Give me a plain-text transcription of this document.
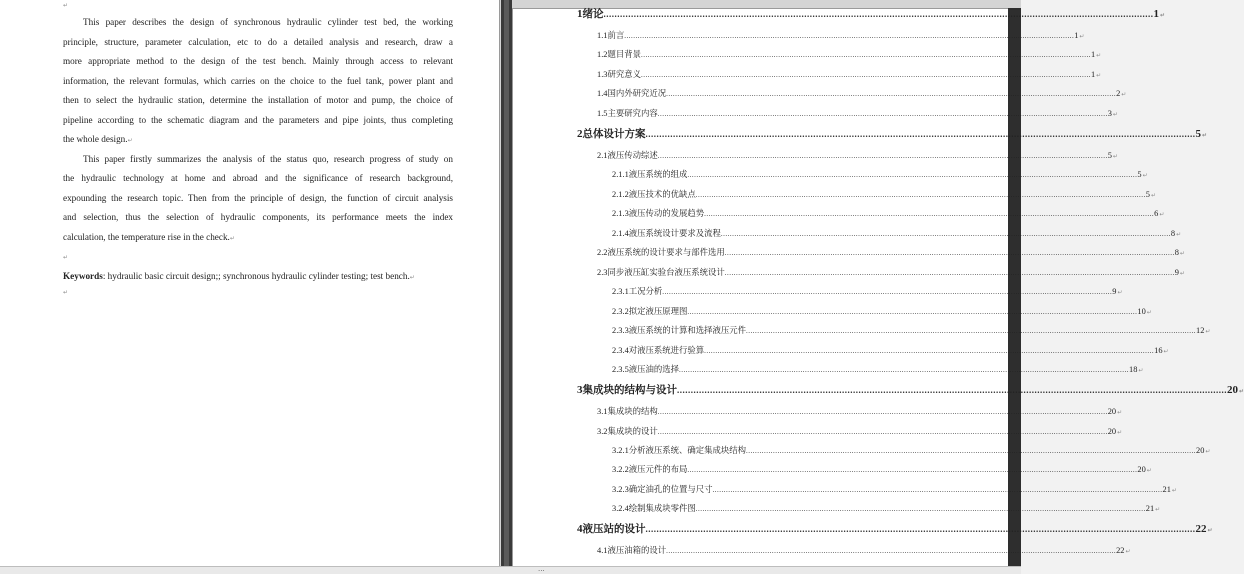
↵
This paper describes the design of synchronous hydraulic cylinder test bed, the working
principle, structure, parameter calculation, etc to do a detailed analysis and research, draw a
more appropriate method to the design of the test bench. Mainly through access to relevant
information, the relevant formulas, which carries on the choice to the fuel tank, power plant and
then to select the hydraulic station, determine the installation of motor and pump, the choice of
pipeline according to the schematic diagram and the parameters and pipe joints, thus completing
the whole design.↵
This paper firstly summarizes the analysis of the status quo, research progress of study on
the hydraulic technology at home and abroad and the significance of research background,
expounding the research topic. Then from the principle of design, the function of circuit analysis
and selection, thus the selection of hydraulic components, its performance meets the index
calculation, the temperature rise in the check.↵
↵
Keywords: hydraulic basic circuit design;; synchronous hydraulic cylinder testing; test bench.↵
↵
1 绪论 ........................................................................................................................................................................................................ 1 ↵
1.1 前言 ........................................................................................................................................................................................................ 1 ↵
1.2 题目背景 ........................................................................................................................................................................................................ 1 ↵
1.3 研究意义 ........................................................................................................................................................................................................ 1 ↵
1.4 国内外研究近况 ........................................................................................................................................................................................................ 2 ↵
1.5 主要研究内容 ........................................................................................................................................................................................................ 3 ↵
2 总体设计方案 ........................................................................................................................................................................................................ 5 ↵
2.1 液压传动综述 ........................................................................................................................................................................................................ 5 ↵
2.1.1 液压系统的组成 ........................................................................................................................................................................................................ 5 ↵
2.1.2 液压技术的优缺点 ........................................................................................................................................................................................................ 5 ↵
2.1.3 液压传动的发展趋势 ........................................................................................................................................................................................................ 6 ↵
2.1.4 液压系统设计要求及流程 ........................................................................................................................................................................................................ 8 ↵
2.2 液压系统的设计要求与部件选用 ........................................................................................................................................................................................................ 8 ↵
2.3 同步液压缸实验台液压系统设计 ........................................................................................................................................................................................................ 9 ↵
2.3.1 工况分析 ........................................................................................................................................................................................................ 9 ↵
2.3.2 拟定液压原理图 ........................................................................................................................................................................................................ 10 ↵
2.3.3 液压系统的计算和选择液压元件 ........................................................................................................................................................................................................ 12 ↵
2.3.4 对液压系统进行验算 ........................................................................................................................................................................................................ 16 ↵
2.3.5 液压油的选择 ........................................................................................................................................................................................................ 18 ↵
3 集成块的结构与设计 ........................................................................................................................................................................................................ 20 ↵
3.1 集成块的结构 ........................................................................................................................................................................................................ 20 ↵
3.2 集成块的设计 ........................................................................................................................................................................................................ 20 ↵
3.2.1 分析液压系统、确定集成块结构 ........................................................................................................................................................................................................ 20 ↵
3.2.2 液压元件的布局 ........................................................................................................................................................................................................ 20 ↵
3.2.3 确定油孔的位置与尺寸 ........................................................................................................................................................................................................ 21 ↵
3.2.4 绘制集成块零件图 ........................................................................................................................................................................................................ 21 ↵
4 液压站的设计 ........................................................................................................................................................................................................ 22 ↵
4.1 液压油箱的设计 ........................................................................................................................................................................................................ 22 ↵
...
